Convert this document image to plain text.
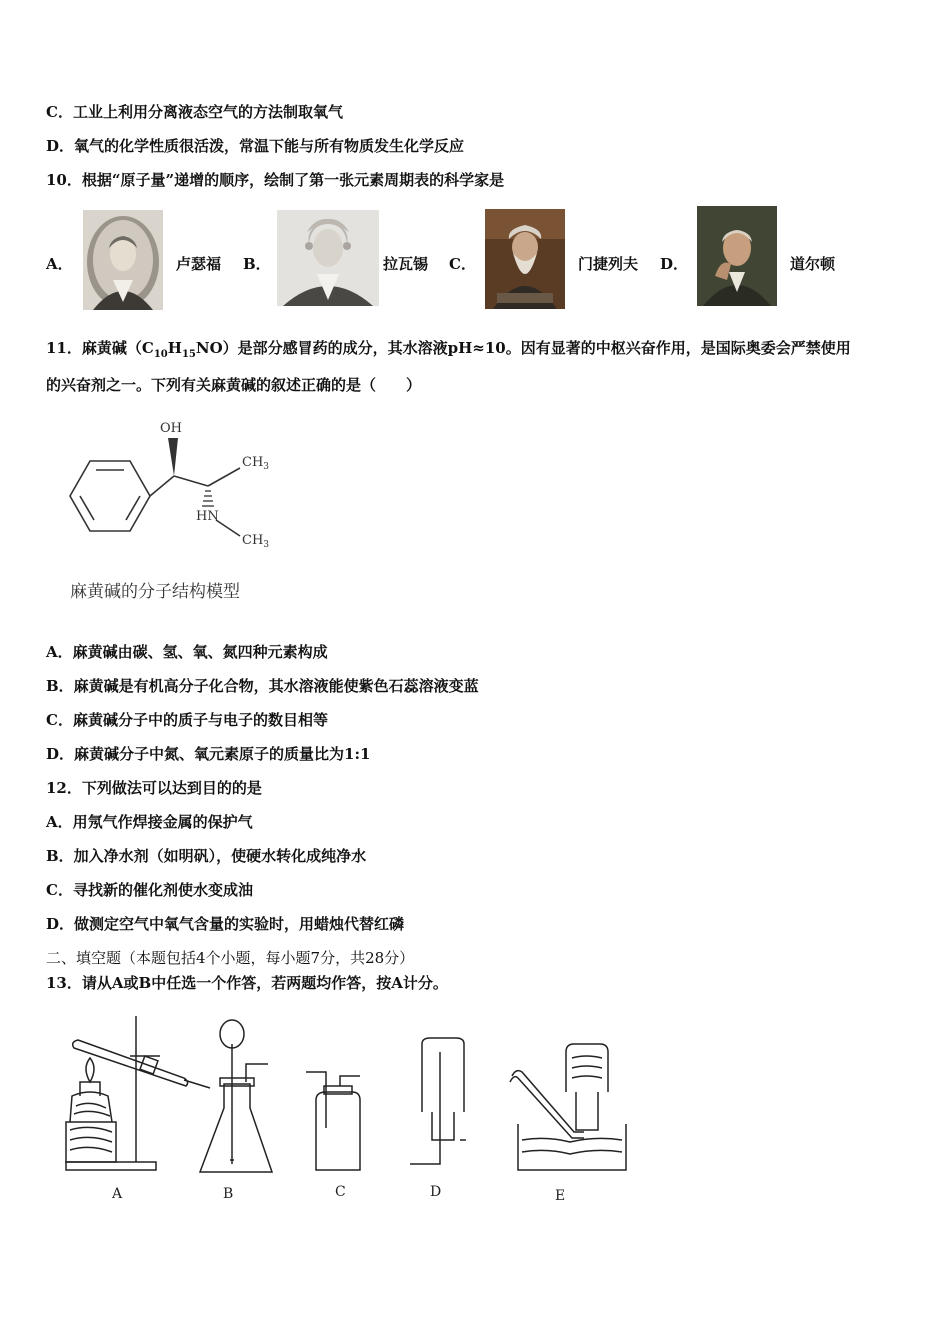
C．工业上利用分离液态空气的方法制取氧气
D．氧气的化学性质很活泼，常温下能与所有物质发生化学反应
10．根据“原子量”递增的顺序，绘制了第一张元素周期表的科学家是
A．	卢瑟福 B．	拉瓦锡 C．	门捷列夫 D．	道尔顿
11．麻黄碱$(C_{10}H_{15}NO)$是部分感冒药的成分，其水溶液pH≈10。因有显著的中枢兴奋作用，是国际奥委会严禁使用
的兴奋剂之一。下列有关麻黄碱的叙述正确的是（　　）
OH
$CH_3$
HN
$CH_3$
麻黄碱的分子结构模型
A．麻黄碱由碳、氢、氧、氮四种元素构成
B．麻黄碱是有机高分子化合物，其水溶液能使紫色石蕊溶液变蓝
C．麻黄碱分子中的质子与电子的数目相等
D．麻黄碱分子中氮、氧元素原子的质量比为1:1
12．下列做法可以达到目的的是
A．用氖气作焊接金属的保护气
B．加入净水剂（如明矾），使硬水转化成纯净水
C．寻找新的催化剂使水变成油
D．做测定空气中氧气含量的实验时，用蜡烛代替红磷
二、填空题（本题包括4个小题，每小题7分，共28分）
13．请从A或B中任选一个作答，若两题均作答，按A计分。
A	B	C	D	E
